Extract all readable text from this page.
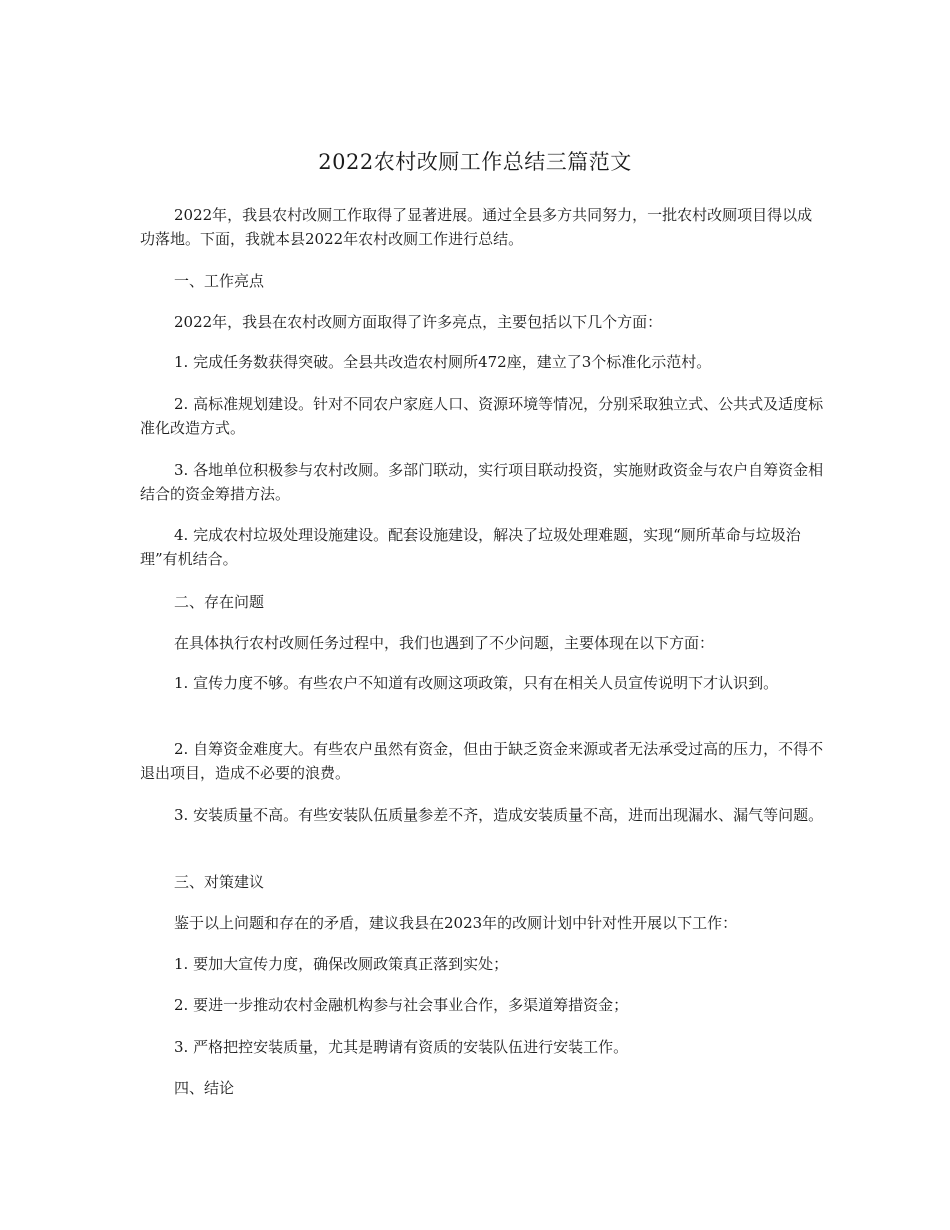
2022农村改厕工作总结三篇范文
2022年，我县农村改厕工作取得了显著进展。通过全县多方共同努力，一批农村改厕项目得以成功落地。下面，我就本县2022年农村改厕工作进行总结。
一、工作亮点
2022年，我县在农村改厕方面取得了许多亮点，主要包括以下几个方面：
1. 完成任务数获得突破。全县共改造农村厕所472座，建立了3个标准化示范村。
2. 高标准规划建设。针对不同农户家庭人口、资源环境等情况，分别采取独立式、公共式及适度标准化改造方式。
3. 各地单位积极参与农村改厕。多部门联动，实行项目联动投资，实施财政资金与农户自筹资金相结合的资金筹措方法。
4. 完成农村垃圾处理设施建设。配套设施建设，解决了垃圾处理难题，实现“厕所革命与垃圾治理”有机结合。
二、存在问题
在具体执行农村改厕任务过程中，我们也遇到了不少问题，主要体现在以下方面：
1. 宣传力度不够。有些农户不知道有改厕这项政策，只有在相关人员宣传说明下才认识到。
2. 自筹资金难度大。有些农户虽然有资金，但由于缺乏资金来源或者无法承受过高的压力，不得不退出项目，造成不必要的浪费。
3. 安装质量不高。有些安装队伍质量参差不齐，造成安装质量不高，进而出现漏水、漏气等问题。
三、对策建议
鉴于以上问题和存在的矛盾，建议我县在2023年的改厕计划中针对性开展以下工作：
1. 要加大宣传力度，确保改厕政策真正落到实处；
2. 要进一步推动农村金融机构参与社会事业合作，多渠道筹措资金；
3. 严格把控安装质量，尤其是聘请有资质的安装队伍进行安装工作。
四、结论
